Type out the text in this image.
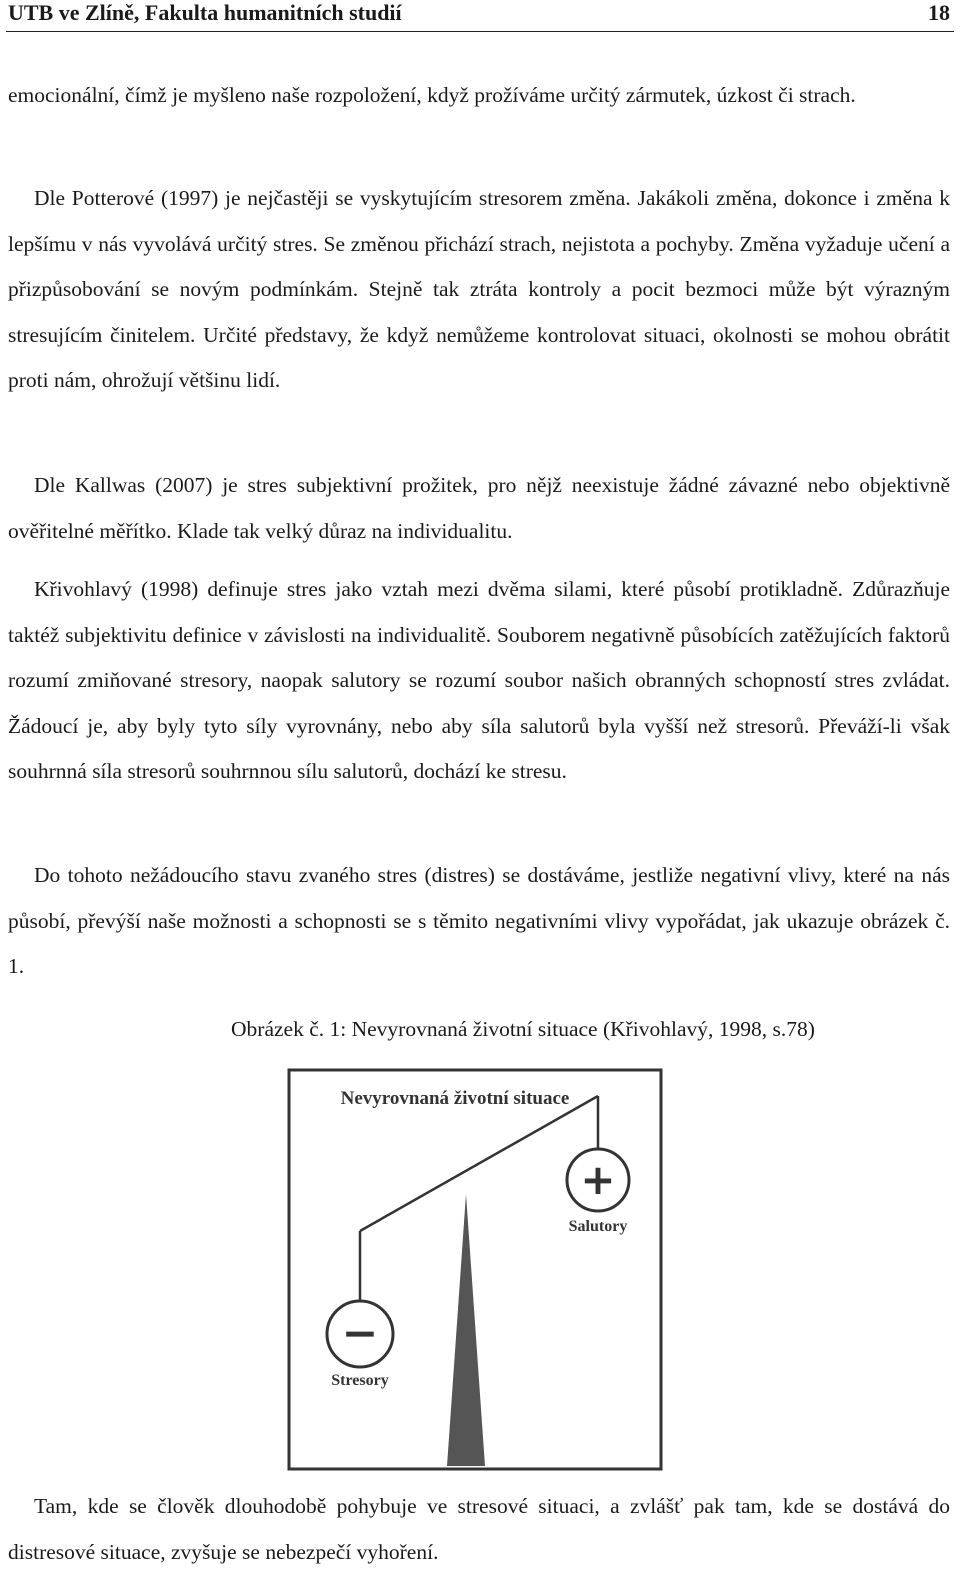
UTB ve Zlíně, Fakulta humanitních studií	18

emocionální, čímž je myšleno naše rozpoložení, když prožíváme určitý zármutek, úzkost či strach.

Dle Potterové (1997) je nejčastěji se vyskytujícím stresorem změna. Jakákoli změna, dokonce i změna k lepšímu v nás vyvolává určitý stres. Se změnou přichází strach, nejistota a pochyby. Změna vyžaduje učení a přizpůsobování se novým podmínkám. Stejně tak ztráta kontroly a pocit bezmoci může být výrazným stresujícím činitelem. Určité představy, že když nemůžeme kontrolovat situaci, okolnosti se mohou obrátit proti nám, ohrožují většinu lidí.

Dle Kallwas (2007) je stres subjektivní prožitek, pro nějž neexistuje žádné závazné nebo objektivně ověřitelné měřítko. Klade tak velký důraz na individualitu.

Křivohlavý (1998) definuje stres jako vztah mezi dvěma silami, které působí protikladně. Zdůrazňuje taktéž subjektivitu definice v závislosti na individualitě. Souborem negativně působících zatěžujících faktorů rozumí zmiňované stresory, naopak salutory se rozumí soubor našich obranných schopností stres zvládat. Žádoucí je, aby byly tyto síly vyrovnány, nebo aby síla salutorů byla vyšší než stresorů. Převáží-li však souhrnná síla stresorů souhrnnou sílu salutorů, dochází ke stresu.

Do tohoto nežádoucího stavu zvaného stres (distres) se dostáváme, jestliže negativní vlivy, které na nás působí, převýší naše možnosti a schopnosti se s těmito negativními vlivy vypořádat, jak ukazuje obrázek č. 1.

Obrázek č. 1: Nevyrovnaná životní situace (Křivohlavý, 1998, s.78)
Nevyrovnaná životní situace
+
Salutory
−
Stresory

Tam, kde se člověk dlouhodobě pohybuje ve stresové situaci, a zvlášť pak tam, kde se dostává do distresové situace, zvyšuje se nebezpečí vyhoření.
